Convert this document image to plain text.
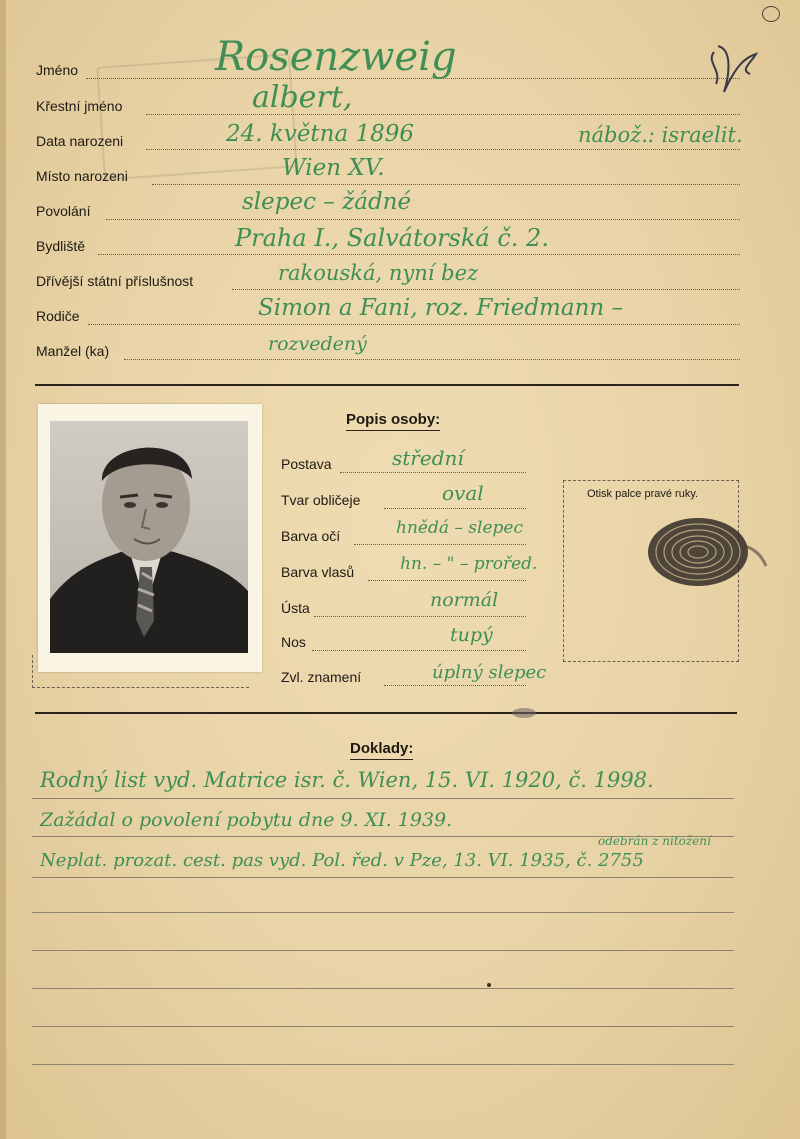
Jméno	Rosenzweig
Křestní jméno	albert,
Data narozeni	24. května 1896	nábož.: israelit.
Místo narozeni	Wien XV.
Povolání	slepec – žádné
Bydliště	Praha I., Salvátorská č. 2.
Dřívější státní příslušnost	rakouská, nyní bez
Rodiče	Simon a Fani, roz. Friedmann –
Manžel (ka)	rozvedený
Popis osoby:
Postava	střední
Tvar obličeje	oval
Barva očí	hnědá – slepec
Barva vlasů	hn. – " – prořed.
Ústa	normál
Nos	tupý
Zvl. znamení	úplný slepec
Otisk palce pravé ruky.
Doklady:
Rodný list vyd. Matrice isr. č. Wien, 15. VI. 1920, č. 1998.
Zažádal o povolení pobytu dne 9. XI. 1939.
odebrán z nitožení
Neplat. prozat. cest. pas vyd. Pol. řed. v Pze, 13. VI. 1935, č. 2755
